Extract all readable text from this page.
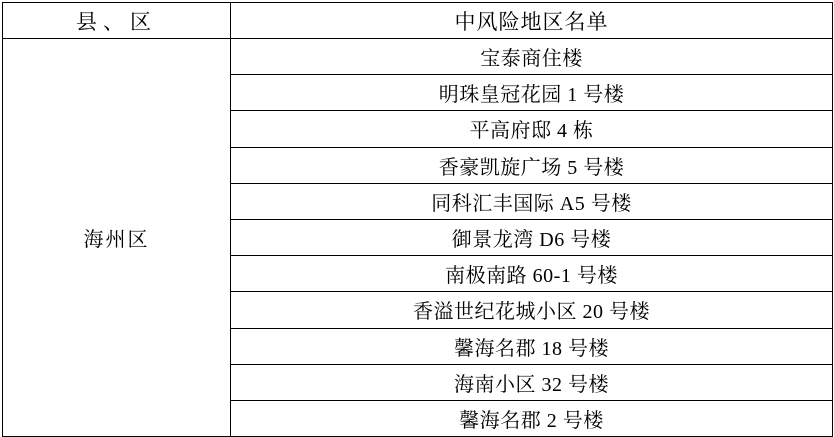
县、区	中风险地区名单
海州区	宝泰商住楼
	明珠皇冠花园 1 号楼
	平高府邸 4 栋
	香豪凯旋广场 5 号楼
	同科汇丰国际 A5 号楼
	御景龙湾 D6 号楼
	南极南路 60-1 号楼
	香溢世纪花城小区 20 号楼
	馨海名郡 18 号楼
	海南小区 32 号楼
	馨海名郡 2 号楼
